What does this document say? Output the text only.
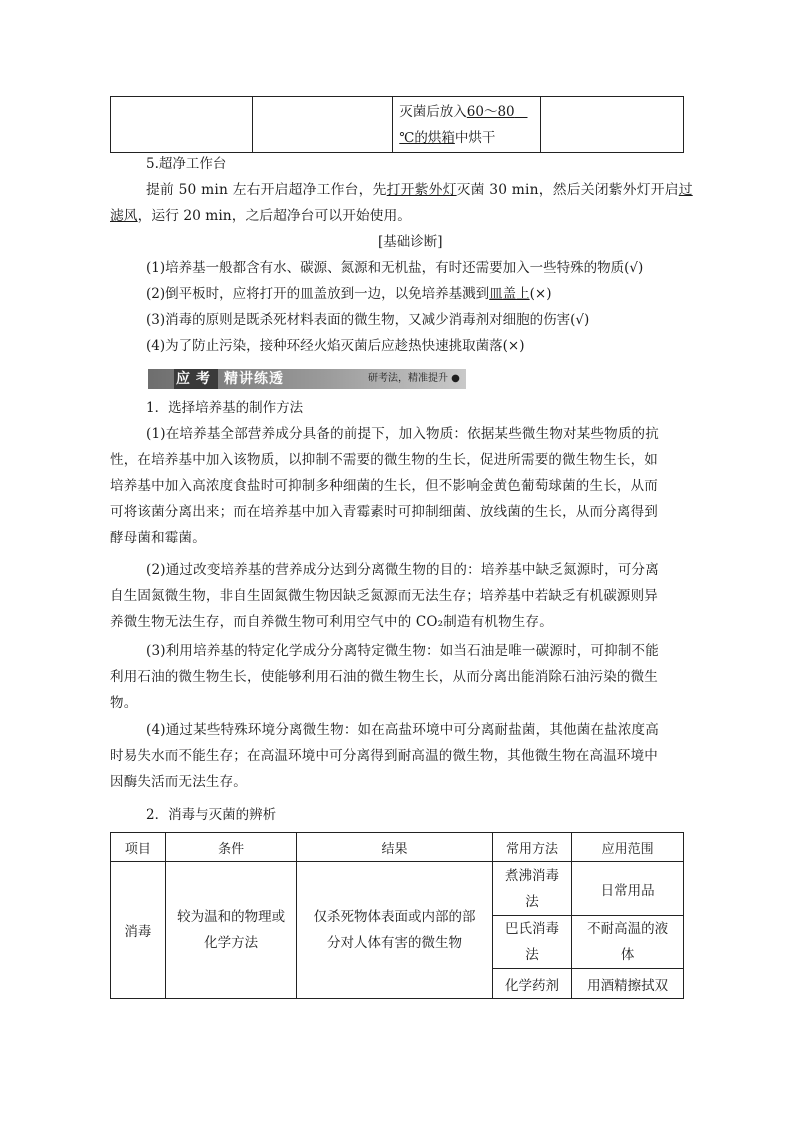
		灭菌后放入60～80
℃的烘箱中烘干	
5.超净工作台
提前 50 min 左右开启超净工作台，先打开紫外灯灭菌 30 min，然后关闭紫外灯开启过
滤风，运行 20 min，之后超净台可以开始使用。
[基础诊断]
(1)培养基一般都含有水、碳源、氮源和无机盐，有时还需要加入一些特殊的物质(√)
(2)倒平板时，应将打开的皿盖放到一边，以免培养基溅到皿盖上(×)
(3)消毒的原则是既杀死材料表面的微生物，又减少消毒剂对细胞的伤害(√)
(4)为了防止污染，接种环经火焰灭菌后应趁热快速挑取菌落(×)
应 考 精讲练透	研考法，精准提升 ●
1．选择培养基的制作方法
(1)在培养基全部营养成分具备的前提下，加入物质：依据某些微生物对某些物质的抗
性，在培养基中加入该物质，以抑制不需要的微生物的生长，促进所需要的微生物生长，如
培养基中加入高浓度食盐时可抑制多种细菌的生长，但不影响金黄色葡萄球菌的生长，从而
可将该菌分离出来；而在培养基中加入青霉素时可抑制细菌、放线菌的生长，从而分离得到
酵母菌和霉菌。
(2)通过改变培养基的营养成分达到分离微生物的目的：培养基中缺乏氮源时，可分离
自生固氮微生物，非自生固氮微生物因缺乏氮源而无法生存；培养基中若缺乏有机碳源则异
养微生物无法生存，而自养微生物可利用空气中的 CO₂制造有机物生存。
(3)利用培养基的特定化学成分分离特定微生物：如当石油是唯一碳源时，可抑制不能
利用石油的微生物生长，使能够利用石油的微生物生长，从而分离出能消除石油污染的微生
物。
(4)通过某些特殊环境分离微生物：如在高盐环境中可分离耐盐菌，其他菌在盐浓度高
时易失水而不能生存；在高温环境中可分离得到耐高温的微生物，其他微生物在高温环境中
因酶失活而无法生存。
2．消毒与灭菌的辨析
项目	条件	结果	常用方法	应用范围
消毒	较为温和的物理或
化学方法	仅杀死物体表面或内部的部
分对人体有害的微生物	煮沸消毒
法	日常用品
			巴氏消毒
法	不耐高温的液
体
			化学药剂	用酒精擦拭双
